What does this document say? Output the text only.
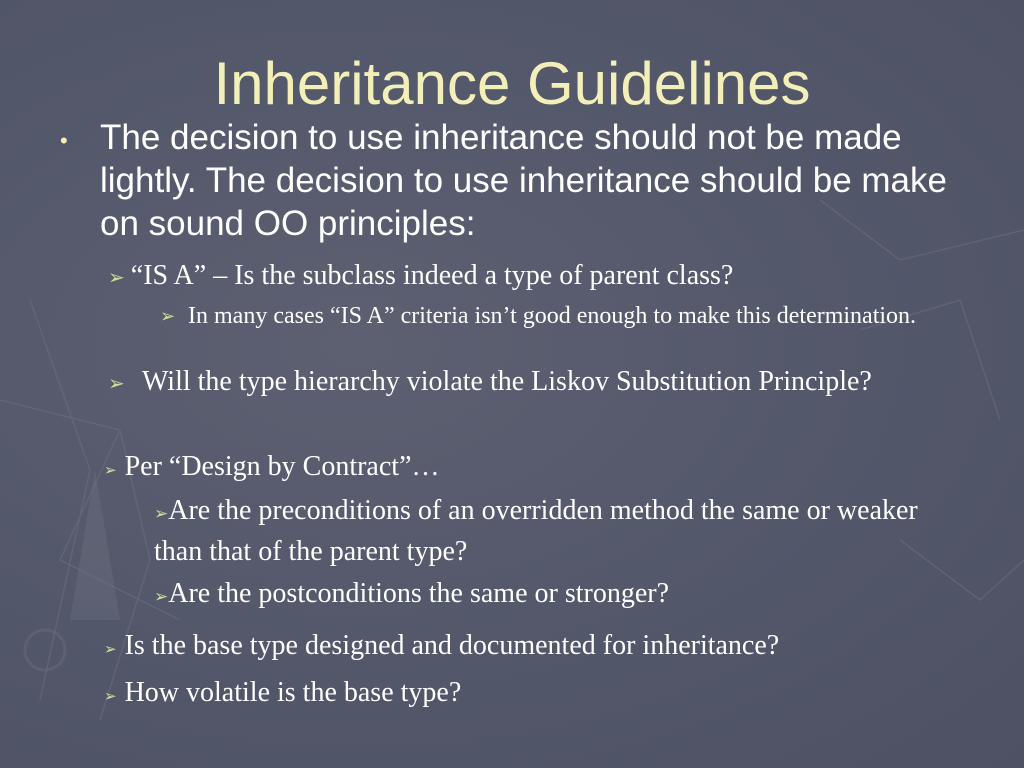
Inheritance Guidelines
• The decision to use inheritance should not be made lightly. The decision to use inheritance should be make on sound OO principles:
➢ “IS A” – Is the subclass indeed a type of parent class?
➢ In many cases “IS A” criteria isn’t good enough to make this determination.
➢ Will the type hierarchy violate the Liskov Substitution Principle?
➢ Per “Design by Contract”…
➢Are the preconditions of an overridden method the same or weaker than that of the parent type?
➢Are the postconditions the same or stronger?
➢ Is the base type designed and documented for inheritance?
➢ How volatile is the base type?
